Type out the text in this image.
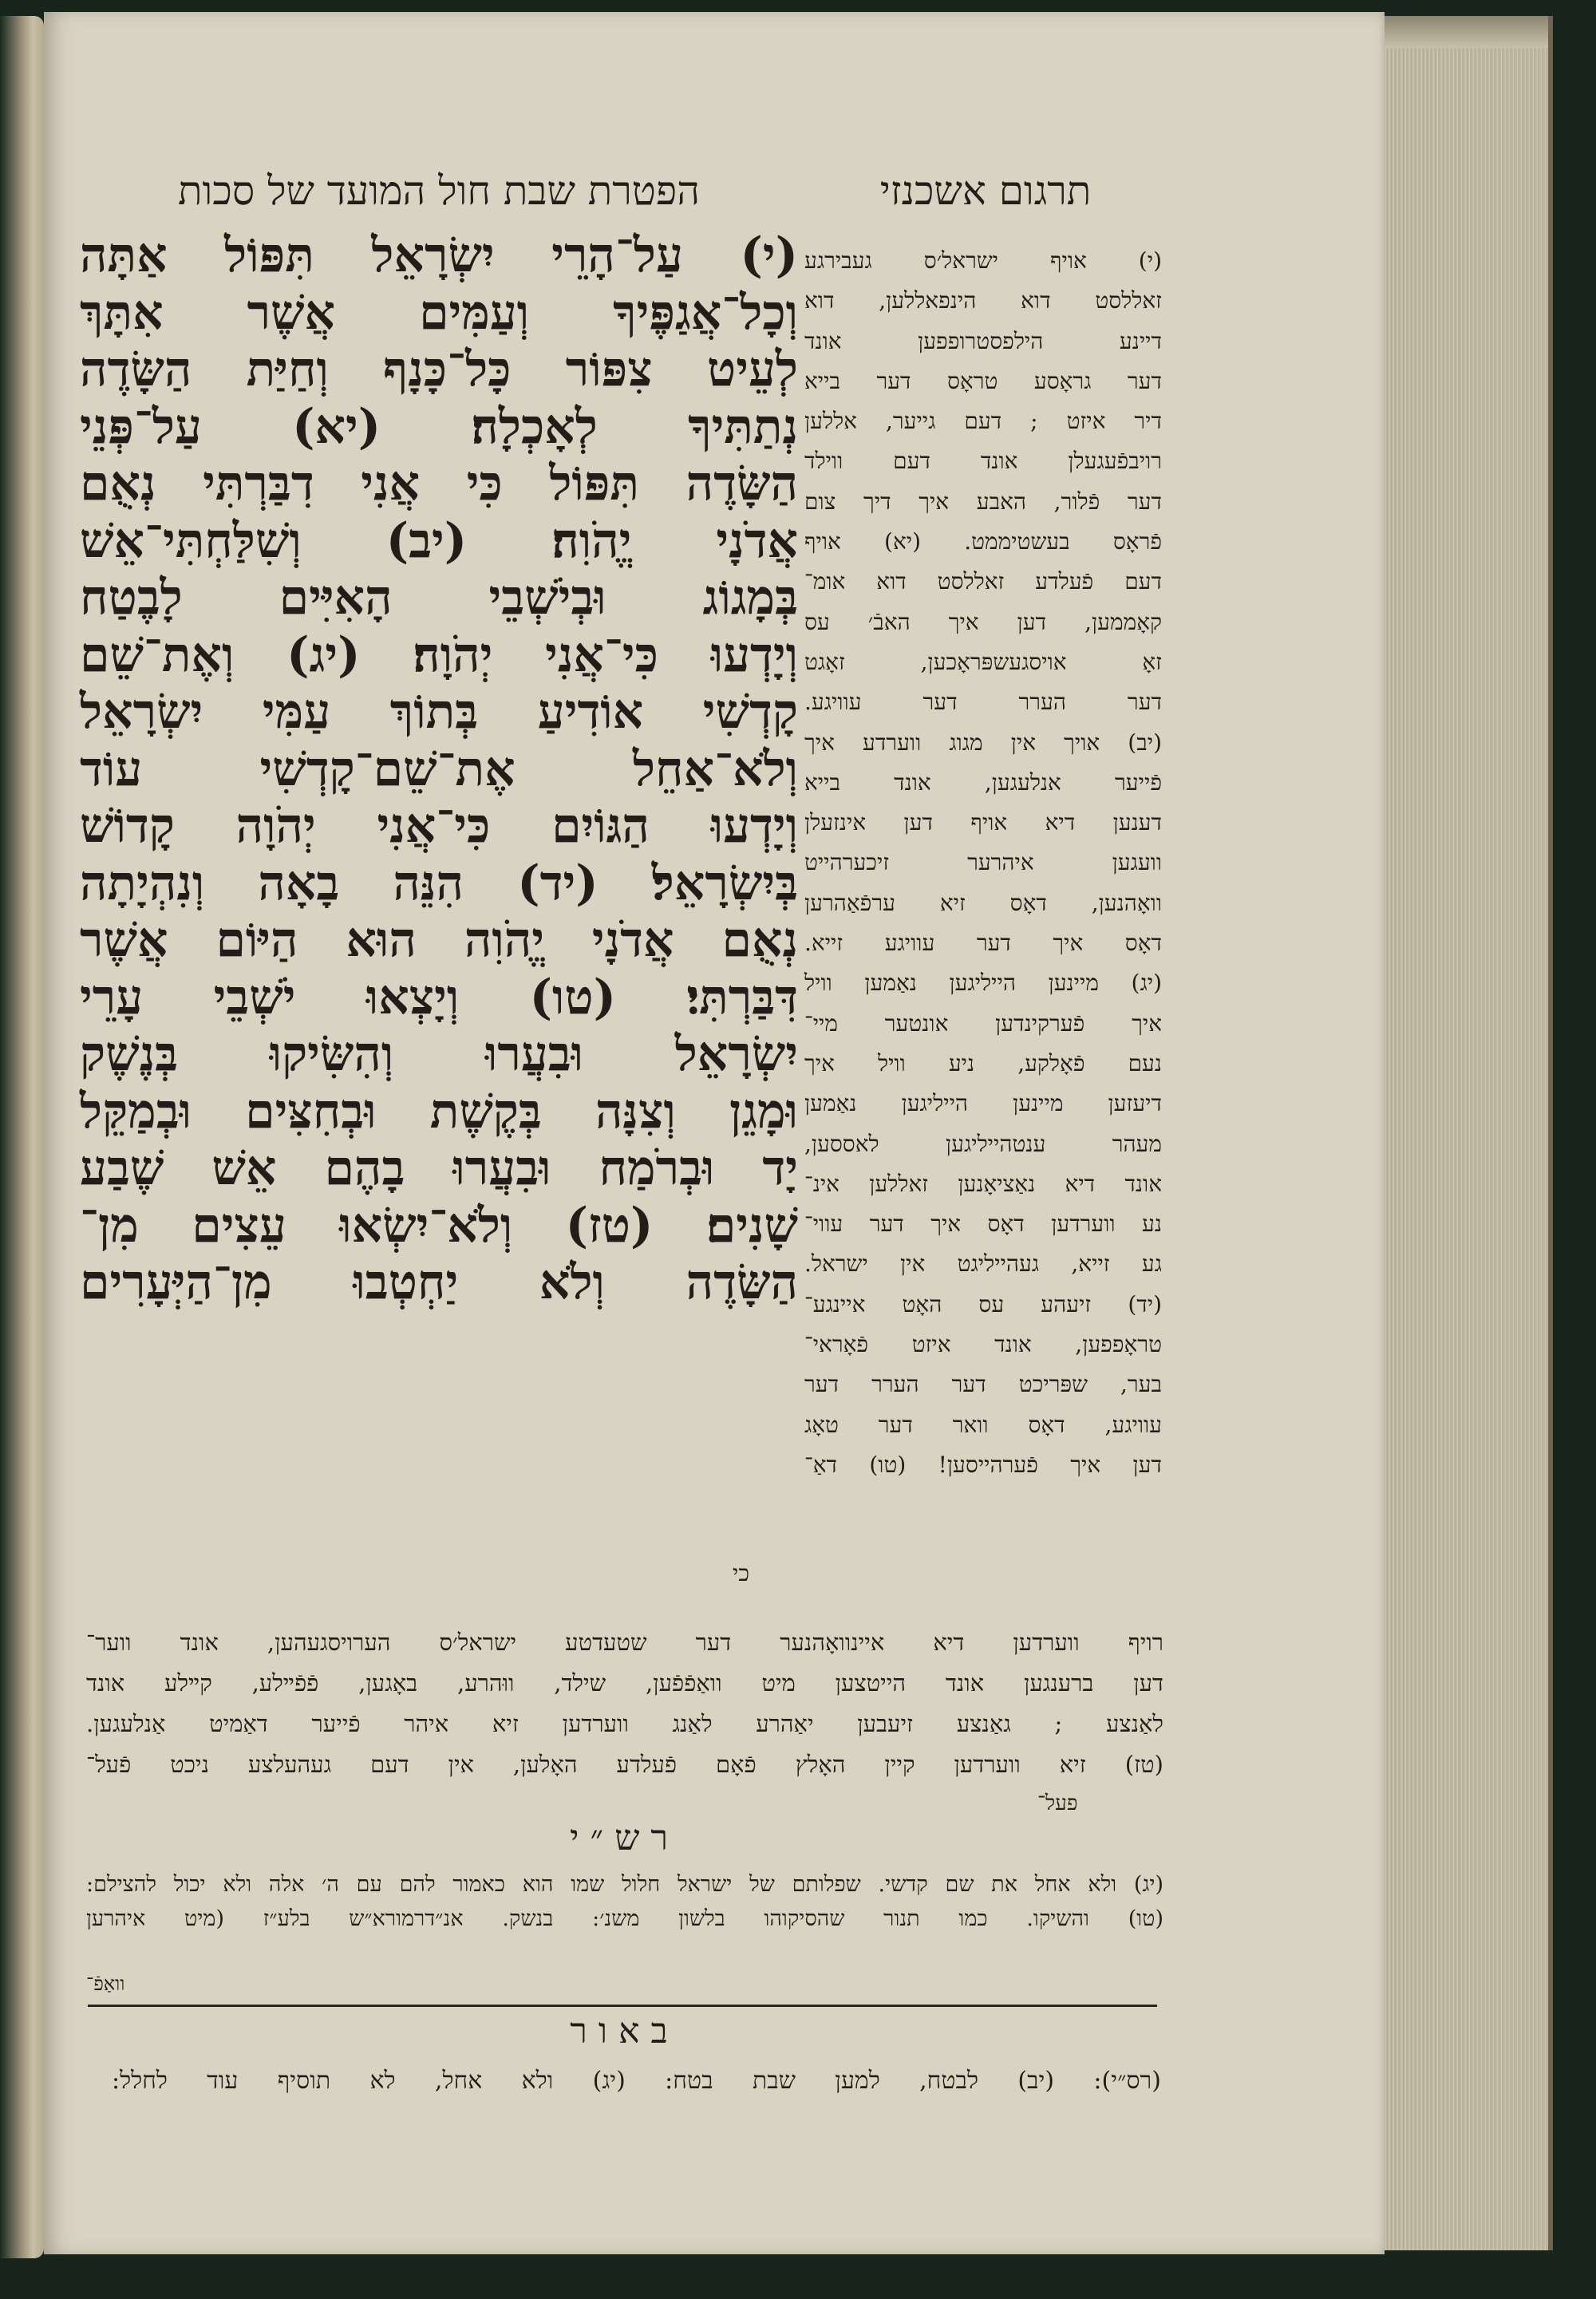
הפטרת שבת חול המועד של סכות	תרגום אשכנזי
(י) עַל־הָרֵי יִשְׂרָאֵל תִּפּוֹל אַתָּה
וְכָל־אֲגַפֶּיךָ וְעַמִּים אֲשֶׁר אִתָּךְ
לְעֵיט צִפּוֹר כָּל־כָּנָף וְחַיַּת הַשָּׂדֶה
נְתַתִּיךָ לְאָכְלָה׃ (יא) עַל־פְּנֵי
הַשָּׂדֶה תִּפּוֹל כִּי אֲנִי דִבַּרְתִּי נְאֻם
אֲדֹנָי יֱהֹוִה׃ (יב) וְשִׁלַּחְתִּי־אֵשׁ
בְּמָגוֹג וּבְיֹשְׁבֵי הָאִיִּים לָבֶטַח
וְיָדְעוּ כִּי־אֲנִי יְהֹוָה׃ (יג) וְאֶת־שֵׁם
קָדְשִׁי אוֹדִיעַ בְּתוֹךְ עַמִּי יִשְׂרָאֵל
וְלֹא־אַחֵל אֶת־שֵׁם־קָדְשִׁי עוֹד
וְיָדְעוּ הַגּוֹיִם כִּי־אֲנִי יְהֹוָה קָדוֹשׁ
בְּיִשְׂרָאֵל׃ (יד) הִנֵּה בָאָה וְנִהְיָתָה
נְאֻם אֲדֹנָי יֱהֹוִה הוּא הַיּוֹם אֲשֶׁר
דִּבַּרְתִּי׃ (טו) וְיָצְאוּ יֹשְׁבֵי עָרֵי
יִשְׂרָאֵל וּבִעֲרוּ וְהִשִּׂיקוּ בְּנֶשֶׁק
וּמָגֵן וְצִנָּה בְּקֶשֶׁת וּבְחִצִּים וּבְמַקֵּל
יָד וּבְרֹמַח וּבִעֲרוּ בָהֶם אֵשׁ שֶׁבַע
שָׁנִים׃ (טז) וְלֹא־יִשְׂאוּ עֵצִים מִן־
הַשָּׂדֶה וְלֹא יַחְטְבוּ מִן־הַיְּעָרִים
כי
(י) אויף ישראל׳ס געבירגע
זאללסט דוא הינפאללען, דוא
דיינע הילפסטרופפען אונד
דער גראָסע טראָס דער בייא
דיר איזט ; דעם גייער, אללען
רויבפֿעגעלן אונד דעם ווילד
דער פֿלור, האבע איך דיך צום
פֿראָס בעשטיממט. (יא) אויף
דעם פֿעלדע זאללסט דוא אומ־
קאָממען, דען איך האבֿ׳ עס
זאָ אויסגעשפּראָכען, זאָגט
דער הערר דער עוויגע.
(יב) אויך אין מגוג ווערדע איך
פֿייער אנלעגען, אונד בייא
דענען דיא אויף דען אינזעלן
וועגען איהרער זיכערהייט
וואָהנען, דאָס זיא ערפֿאַהרען
דאָס איך דער עוויגע זייא.
(יג) מיינען הייליגען נאַמען וויל
איך פֿערקינדען אונטער מיי־
נעם פֿאָלקע, ניע וויל איך
דיעזען מיינען הייליגען נאַמען
מעהר ענטהייליגען לאססען,
אונד דיא נאַציאָנען זאללען אינ־
נע ווערדען דאָס איך דער עווי־
גע זייא, געהייליגט אין ישראל.
(יד) זיעהע עס האָט איינגע־
טראָפפען, אונד איזט פֿאָראי־
בער, שפּריכט דער הערר דער
עוויגע, דאָס וואר דער טאָג
דען איך פֿערהייסען! (טו) דאַ־
רויף ווערדען דיא איינוואָהנער דער שטעדטע ישראל׳ס הערויסגעהען, אונד ווער־
דען ברענגען אונד הייטצען מיט וואַפֿפֿען, שילד, ווּהרע, באָגען, פֿפֿײלע, קײלע אונד
לאַנצע ; גאַנצע זיעבען יאַהרע לאַנג ווערדען זיא איהר פֿייער דאַמיט אַנלעגען.
(טז) זיא ווערדען קיין האָלץ פֿאָם פֿעלדע האָלען, אין דעם געהעלצע ניכט פֿעל־
פעל־
רש״י
(יג) ולא אחל את שם קדשי. שפלותם של ישראל חלול שמו הוא כאמור להם עם ה׳ אלה ולא יכול להצילם:
(טו) והשיקו. כמו תנור שהסיקוהו בלשון משנ׳: בנשק. אנ״דרמורא״ש בלע״ז (מיט איהרען
וואַפֿ־
באור
(רס״י): (יב) לבטח, למען שבת בטח: (יג) ולא אחל, לא תוסיף עוד לחלל:
